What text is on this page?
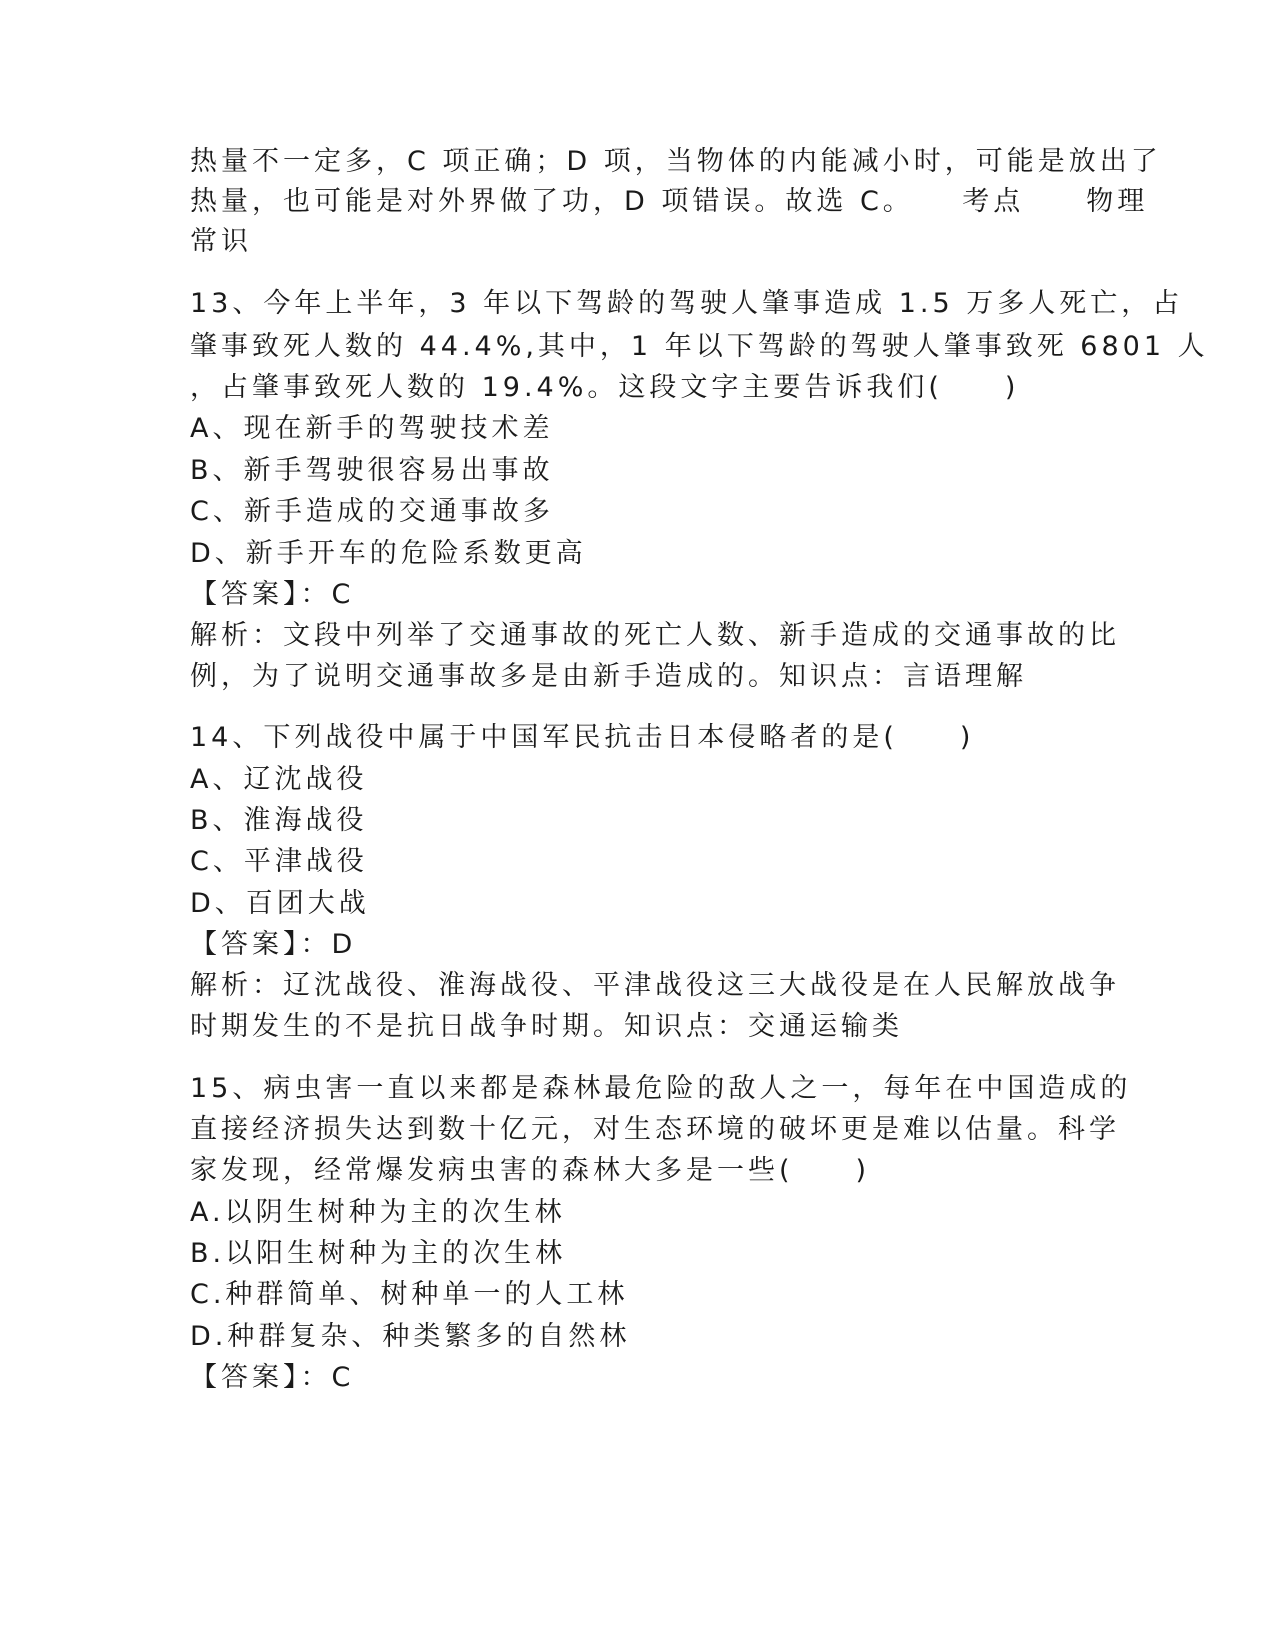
热量不一定多，C 项正确；D 项，当物体的内能减小时，可能是放出了
热量，也可能是对外界做了功，D 项错误。故选 C。　　考点　　物理
常识
13、今年上半年，3 年以下驾龄的驾驶人肇事造成 1.5 万多人死亡，占
肇事致死人数的 44.4%,其中，1 年以下驾龄的驾驶人肇事致死 6801 人
，占肇事致死人数的 19.4%。这段文字主要告诉我们(　　)
A、现在新手的驾驶技术差
B、新手驾驶很容易出事故
C、新手造成的交通事故多
D、新手开车的危险系数更高
【答案】：C
解析：文段中列举了交通事故的死亡人数、新手造成的交通事故的比
例，为了说明交通事故多是由新手造成的。知识点：言语理解
14、下列战役中属于中国军民抗击日本侵略者的是(　　)
A、辽沈战役
B、淮海战役
C、平津战役
D、百团大战
【答案】：D
解析：辽沈战役、淮海战役、平津战役这三大战役是在人民解放战争
时期发生的不是抗日战争时期。知识点：交通运输类
15、病虫害一直以来都是森林最危险的敌人之一，每年在中国造成的
直接经济损失达到数十亿元，对生态环境的破坏更是难以估量。科学
家发现，经常爆发病虫害的森林大多是一些(　　)
A.以阴生树种为主的次生林
B.以阳生树种为主的次生林
C.种群简单、树种单一的人工林
D.种群复杂、种类繁多的自然林
【答案】：C
